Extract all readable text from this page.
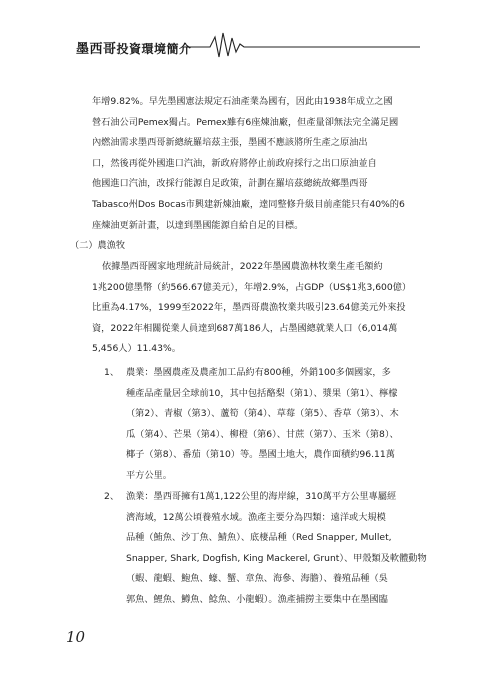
墨西哥投資環境簡介
年增9.82%。早先墨國憲法規定石油產業為國有，因此由1938年成立之國
營石油公司Pemex獨占。Pemex雖有6座煉油廠，但產量卻無法完全滿足國
內燃油需求墨西哥新總統羅培茲主張，墨國不應該將所生產之原油出
口，然後再從外國進口汽油，新政府將停止前政府採行之出口原油並自
他國進口汽油，改採行能源自足政策，計劃在羅培茲總統故鄉墨西哥
Tabasco州Dos Bocas市興建新煉油廠，達同整修升級目前產能只有40%的6
座煉油更新計畫，以達到墨國能源自給自足的目標。
（二）農漁牧
依據墨西哥國家地理統計局統計，2022年墨國農漁林牧業生產毛額約
1兆200億墨幣（約566.67億美元），年增2.9%，占GDP（US$1兆3,600億）
比重為4.17%，1999至2022年，墨西哥農漁牧業共吸引23.64億美元外來投
資，2022年相關從業人員達到687萬186人，占墨國總就業人口（6,014萬
5,456人）11.43%。
1、 農業：墨國農產及農產加工品約有800種，外銷100多個國家，多
種產品產量居全球前10，其中包括酪梨（第1）、漿果（第1）、檸檬
（第2）、青椒（第3）、蘆筍（第4）、草莓（第5）、香草（第3）、木
瓜（第4）、芒果（第4）、柳橙（第6）、甘蔗（第7）、玉米（第8）、
椰子（第8）、番茄（第10）等。墨國土地大，農作面積約96.11萬
平方公里。
2、 漁業：墨西哥擁有1萬1,122公里的海岸線，310萬平方公里專屬經
濟海域，12萬公頃養殖水域。漁產主要分為四類：遠洋或大規模
品種（鮪魚、沙丁魚、鯖魚）、底棲品種（Red Snapper, Mullet,
Snapper, Shark, Dogfish, King Mackerel, Grunt）、甲殼類及軟體動物
（蝦、龍蝦、鮑魚、蠔、蟹、章魚、海參、海膽）、養殖品種（吳
郭魚、鯉魚、鱒魚、鯰魚、小龍蝦）。漁產捕撈主要集中在墨國臨
10
